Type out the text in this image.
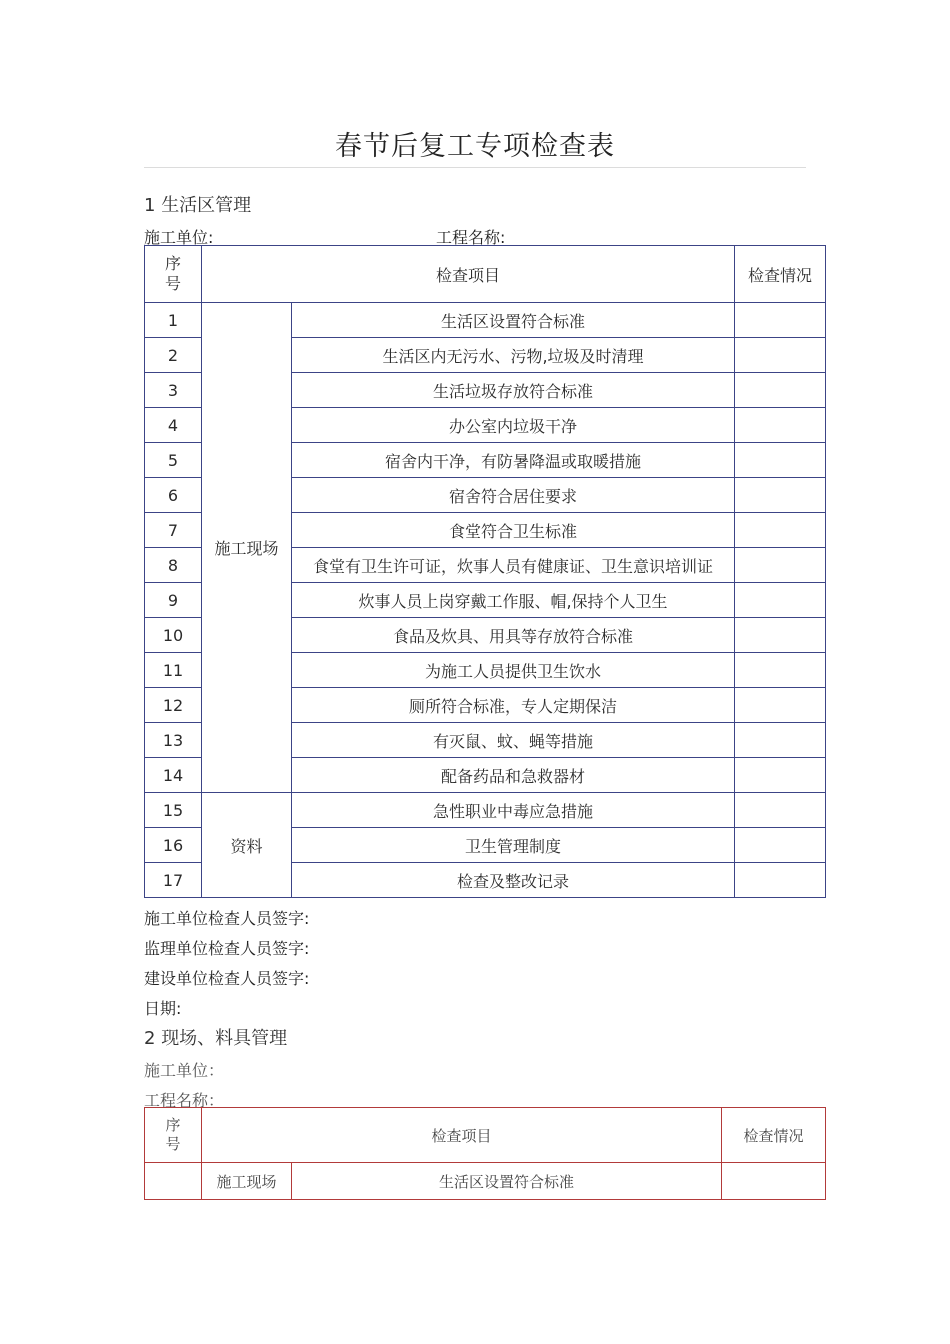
春节后复工专项检查表
1 生活区管理
施工单位:	工程名称:
序
号	检查项目		检查情况
1	施工现场	生活区设置符合标准	
2		生活区内无污水、污物,垃圾及时清理	
3		生活垃圾存放符合标准	
4		办公室内垃圾干净	
5		宿舍内干净，有防暑降温或取暖措施	
6		宿舍符合居住要求	
7		食堂符合卫生标准	
8		食堂有卫生许可证，炊事人员有健康证、卫生意识培训证	
9		炊事人员上岗穿戴工作服、帽,保持个人卫生	
10		食品及炊具、用具等存放符合标准	
11		为施工人员提供卫生饮水	
12		厕所符合标准，专人定期保洁	
13		有灭鼠、蚊、蝇等措施	
14		配备药品和急救器材	
15	资料	急性职业中毒应急措施	
16		卫生管理制度	
17		检查及整改记录	
施工单位检查人员签字:
监理单位检查人员签字:
建设单位检查人员签字:
日期:
2 现场、料具管理
施工单位：
工程名称：
序
号	检查项目		检查情况
	施工现场	生活区设置符合标准	
